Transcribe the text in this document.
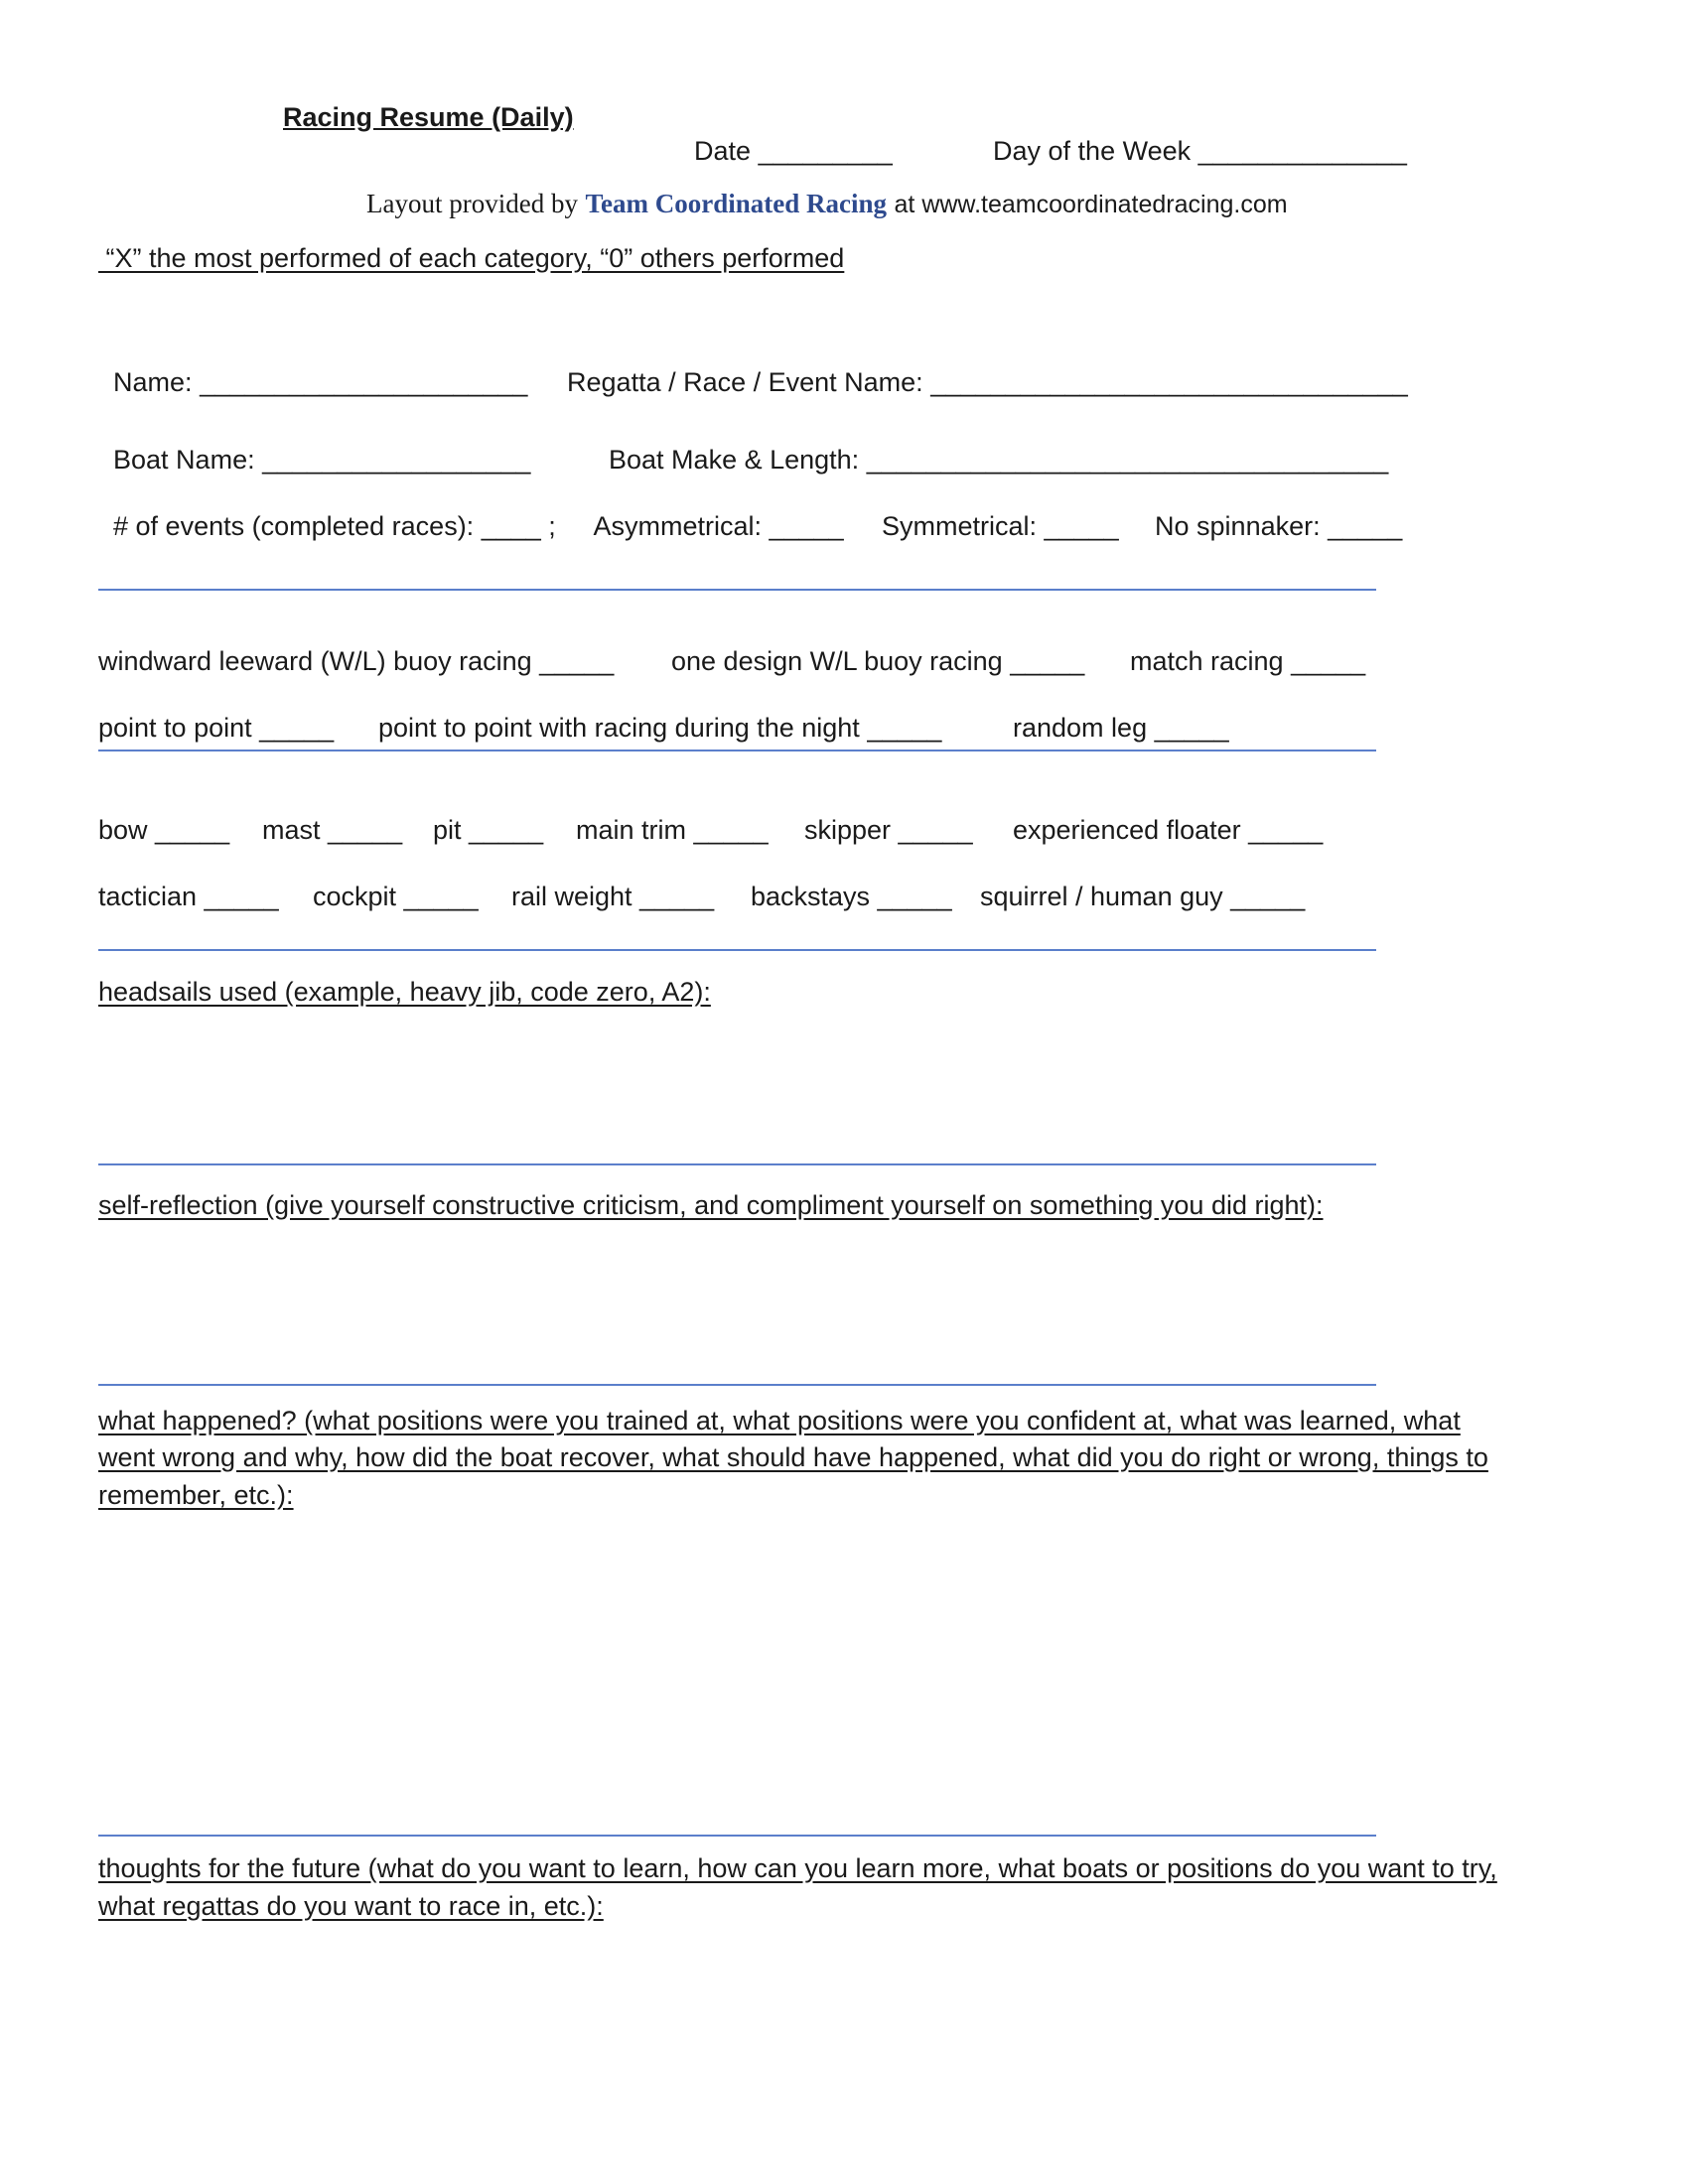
Racing Resume (Daily)

Date _________	Day of the Week ______________

Layout provided by Team Coordinated Racing at www.teamcoordinatedracing.com

“X” the most performed of each category, “0” others performed

Name: ______________________	Regatta / Race / Event Name: ________________________________

Boat Name: __________________	Boat Make & Length: ___________________________________

# of events (completed races): ____ ;	Asymmetrical: _____	Symmetrical: _____	No spinnaker: _____

windward leeward (W/L) buoy racing _____ one design W/L buoy racing _____ match racing _____
point to point _____ point to point with racing during the night _____	random leg _____
bow _____ mast _____ pit _____ main trim _____ skipper _____ experienced floater _____
tactician _____ cockpit _____ rail weight _____ backstays _____ squirrel / human guy _____
headsails used (example, heavy jib, code zero, A2):
self-reflection (give yourself constructive criticism, and compliment yourself on something you did right):
what happened? (what positions were you trained at, what positions were you confident at, what was learned, what
went wrong and why, how did the boat recover, what should have happened, what did you do right or wrong, things to
remember, etc.):
thoughts for the future (what do you want to learn, how can you learn more, what boats or positions do you want to try,
what regattas do you want to race in, etc.):
